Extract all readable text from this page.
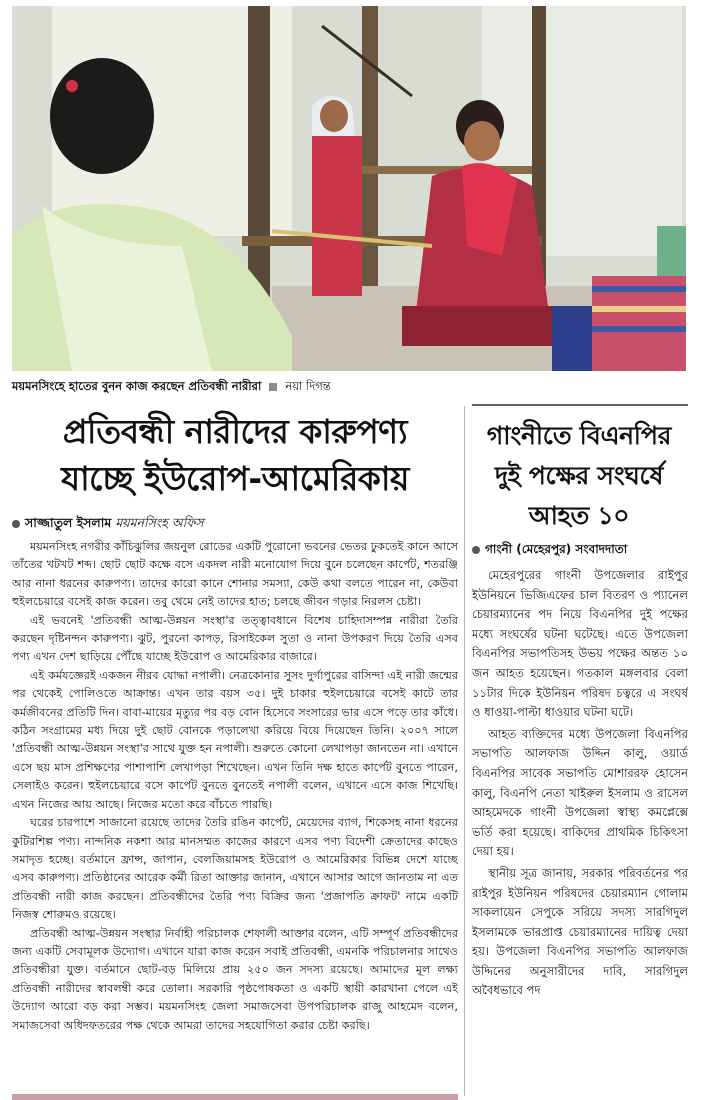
ময়মনসিংহে হাতের বুনন কাজ করছেন প্রতিবন্ধী নারীরা নয়া দিগন্ত
প্রতিবন্ধী নারীদের কারুপণ্য
যাচ্ছে ইউরোপ-আমেরিকায়
সাজ্জাতুল ইসলাম ময়মনসিংহ অফিস

ময়মনসিংহ নগরীর কাঁচিঝুলির জয়নুল রোডের একটি পুরোনো ভবনের ভেতর ঢুকতেই কানে আসে তাঁতের খটখট শব্দ। ছোট ছোট কক্ষে বসে একদল নারী মনোযোগ দিয়ে বুনে চলেছেন কার্পেট, শতরঞ্জি আর নানা ধরনের কারুপণ্য। তাদের কারো কানে শোনার সমস্যা, কেউ কথা বলতে পারেন না, কেউবা হুইলচেয়ারে বসেই কাজ করেন। তবু থেমে নেই তাদের হাত; চলছে জীবন গড়ার নিরলস চেষ্টা।

এই ভবনেই 'প্রতিবন্ধী আত্ম-উন্নয়ন সংস্থা'র তত্ত্বাবধানে বিশেষ চাহিদাসম্পন্ন নারীরা তৈরি করছেন দৃষ্টিনন্দন কারুপণ্য। ঝুট, পুরনো কাপড়, রিসাইকেল সুতা ও নানা উপকরণ দিয়ে তৈরি এসব পণ্য এখন দেশ ছাড়িয়ে পৌঁছে যাচ্ছে ইউরোপ ও আমেরিকার বাজারে।

এই কর্মযজ্ঞেরই একজন নীরব যোদ্ধা নপালী। নেত্রকোনার সুসং দুর্গাপুরের বাসিন্দা এই নারী জন্মের পর থেকেই পোলিওতে আক্রান্ত। এখন তার বয়স ৩৫। দুই চাকার হুইলচেয়ারে বসেই কাটে তার কর্মজীবনের প্রতিটি দিন। বাবা-মায়ের মৃত্যুর পর বড় বোন হিসেবে সংসারের ভার এসে পড়ে তার কাঁধে। কঠিন সংগ্রামের মধ্য দিয়ে দুই ছোট বোনকে পড়ালেখা করিয়ে বিয়ে দিয়েছেন তিনি। ২০০৭ সালে 'প্রতিবন্ধী আত্ম-উন্নয়ন সংস্থা'র সাথে যুক্ত হন নপালী। শুরুতে কোনো লেখাপড়া জানতেন না। এখানে এসে ছয় মাস প্রশিক্ষণের পাশাপাশি লেখাপড়া শিখেছেন। এখন তিনি দক্ষ হাতে কার্পেট বুনতে পারেন, সেলাইও করেন। হুইলচেয়ারে বসে কার্পেট বুনতে বুনতেই নপালী বলেন, এখানে এসে কাজ শিখেছি। এখন নিজের আয় আছে। নিজের মতো করে বাঁচতে পারছি।

ঘরের চারপাশে সাজানো রয়েছে তাদের তৈরি রঙিন কার্পেট, মেয়েদের ব্যাগ, শিকেসহ নানা ধরনের কুটিরশিল্প পণ্য। নান্দনিক নকশা আর মানসম্মত কাজের কারণে এসব পণ্য বিদেশী ক্রেতাদের কাছেও সমাদৃত হচ্ছে। বর্তমানে ফ্রান্স, জাপান, বেলজিয়ামসহ ইউরোপ ও আমেরিকার বিভিন্ন দেশে যাচ্ছে এসব কারুপণ্য। প্রতিষ্ঠানের আরেক কর্মী রিতা আক্তার জানান, এখানে আসার আগে জানতাম না এত প্রতিবন্ধী নারী কাজ করছেন। প্রতিবন্ধীদের তৈরি পণ্য বিক্রির জন্য 'প্রজাপতি ক্রাফট' নামে একটি নিজস্ব শোরুমও রয়েছে।

প্রতিবন্ধী আত্ম-উন্নয়ন সংস্থার নির্বাহী পরিচালক শেফালী আক্তার বলেন, এটি সম্পূর্ণ প্রতিবন্ধীদের জন্য একটি সেবামূলক উদ্যোগ। এখানে যারা কাজ করেন সবাই প্রতিবন্ধী, এমনকি পরিচালনার সাথেও প্রতিবন্ধীরা যুক্ত। বর্তমানে ছোট-বড় মিলিয়ে প্রায় ২৫০ জন সদস্য রয়েছে। আমাদের মূল লক্ষ্য প্রতিবন্ধী নারীদের স্বাবলম্বী করে তোলা। সরকারি পৃষ্ঠপোষকতা ও একটি স্থায়ী কারখানা পেলে এই উদ্যোগ আরো বড় করা সম্ভব। ময়মনসিংহ জেলা সমাজসেবা উপপরিচালক রাজু আহমেদ বলেন, সমাজসেবা অধিদফতরের পক্ষ থেকে আমরা তাদের সহযোগিতা করার চেষ্টা করছি।

গাংনীতে বিএনপির
দুই পক্ষের সংঘর্ষে
আহত ১০
গাংনী (মেহেরপুর) সংবাদদাতা

মেহেরপুরের গাংনী উপজেলার রাইপুর ইউনিয়নে ভিজিএফের চাল বিতরণ ও প্যানেল চেয়ারম্যানের পদ নিয়ে বিএনপির দুই পক্ষের মধ্যে সংঘর্ষের ঘটনা ঘটেছে। এতে উপজেলা বিএনপির সভাপতিসহ উভয় পক্ষের অন্তত ১০ জন আহত হয়েছেন। গতকাল মঙ্গলবার বেলা ১১টার দিকে ইউনিয়ন পরিষদ চত্বরে এ সংঘর্ষ ও ধাওয়া-পাল্টা ধাওয়ার ঘটনা ঘটে।

আহত ব্যক্তিদের মধ্যে উপজেলা বিএনপির সভাপতি আলফাজ উদ্দিন কালু, ওয়ার্ড বিএনপির সাবেক সভাপতি মোশাররফ হোসেন কালু, বিএনপি নেতা খাইরুল ইসলাম ও রাসেল আহমেদকে গাংনী উপজেলা স্বাস্থ্য কমপ্লেক্সে ভর্তি করা হয়েছে। বাকিদের প্রাথমিক চিকিৎসা দেয়া হয়।

স্থানীয় সূত্র জানায়, সরকার পরিবর্তনের পর রাইপুর ইউনিয়ন পরিষদের চেয়ারম্যান গোলাম সাকলায়েন সেপুকে সরিয়ে সদস্য সারগিদুল ইসলামকে ভারপ্রাপ্ত চেয়ারম্যানের দায়িত্ব দেয়া হয়। উপজেলা বিএনপির সভাপতি আলফাজ উদ্দিনের অনুসারীদের দাবি, সারগিদুল অবৈধভাবে পদ
